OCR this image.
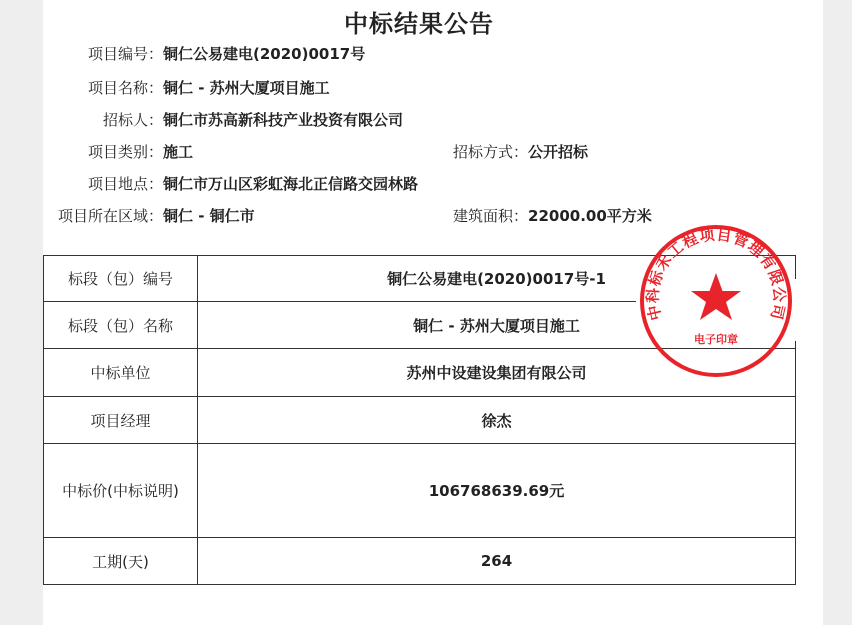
中标结果公告
项目编号：铜仁公易建电(2020)0017号
项目名称：铜仁 - 苏州大厦项目施工
招标人：铜仁市苏高新科技产业投资有限公司
项目类别：施工	招标方式：公开招标
项目地点：铜仁市万山区彩虹海北正信路交园林路
项目所在区域：铜仁 - 铜仁市	建筑面积：22000.00平方米
标段（包）编号	铜仁公易建电(2020)0017号-1
标段（包）名称	铜仁 - 苏州大厦项目施工
中标单位	苏州中设建设集团有限公司
项目经理	徐杰
中标价(中标说明)	106768639.69元
工期(天)	264
中科标禾工程项目管理有限公司
电子印章
